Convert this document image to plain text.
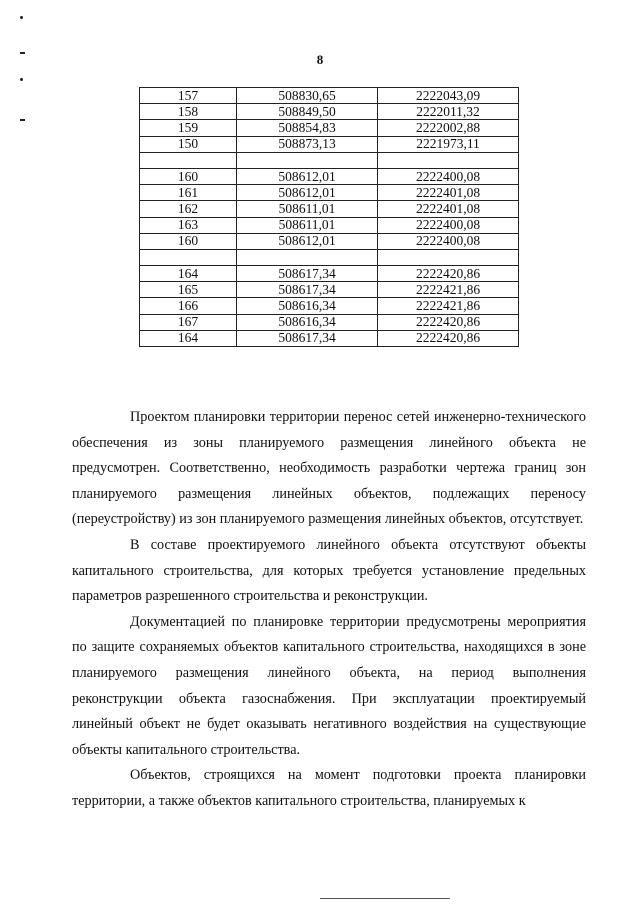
8
157	508830,65	2222043,09
158	508849,50	2222011,32
159	508854,83	2222002,88
150	508873,13	2221973,11

160	508612,01	2222400,08
161	508612,01	2222401,08
162	508611,01	2222401,08
163	508611,01	2222400,08
160	508612,01	2222400,08

164	508617,34	2222420,86
165	508617,34	2222421,86
166	508616,34	2222421,86
167	508616,34	2222420,86
164	508617,34	2222420,86

Проектом планировки территории перенос сетей инженерно-технического обеспечения из зоны планируемого размещения линейного объекта не предусмотрен. Соответственно, необходимость разработки чертежа границ зон планируемого размещения линейных объектов, подлежащих переносу (переустройству) из зон планируемого размещения линейных объектов, отсутствует.

В составе проектируемого линейного объекта отсутствуют объекты капитального строительства, для которых требуется установление предельных параметров разрешенного строительства и реконструкции.

Документацией по планировке территории предусмотрены мероприятия по защите сохраняемых объектов капитального строительства, находящихся в зоне планируемого размещения линейного объекта, на период выполнения реконструкции объекта газоснабжения. При эксплуатации проектируемый линейный объект не будет оказывать негативного воздействия на существующие объекты капитального строительства.

Объектов, строящихся на момент подготовки проекта планировки территории, а также объектов капитального строительства, планируемых к
